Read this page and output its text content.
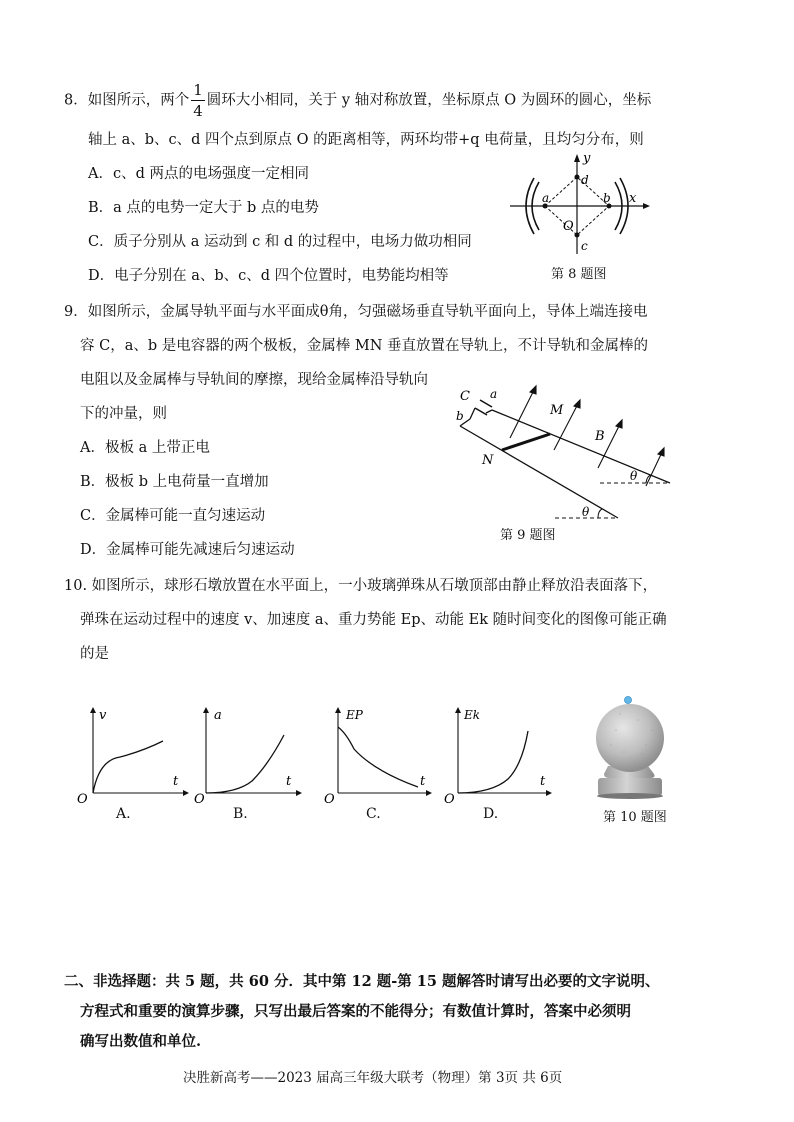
8．如图所示，两个 $\frac{1}{4}$ 圆环大小相同，关于 y 轴对称放置，坐标原点 O 为圆环的圆心，坐标
轴上 a、b、c、d 四个点到原点 O 的距离相等，两环均带+q 电荷量，且均匀分布，则
A．c、d 两点的电场强度一定相同
B．a 点的电势一定大于 b 点的电势
C．质子分别从 a 运动到 c 和 d 的过程中，电场力做功相同
D．电子分别在 a、b、c、d 四个位置时，电势能均相等
y
x
a	b
d
c
O
第 8 题图
9．如图所示，金属导轨平面与水平面成θ角，匀强磁场垂直导轨平面向上，导体上端连接电
容 C，a、b 是电容器的两个极板，金属棒 MN 垂直放置在导轨上，不计导轨和金属棒的
电阻以及金属棒与导轨间的摩擦，现给金属棒沿导轨向
下的冲量，则
A．极板 a 上带正电
B．极板 b 上电荷量一直增加
C．金属棒可能一直匀速运动
D．金属棒可能先减速后匀速运动
C a
b	M
N
B
θ
θ
第 9 题图
10. 如图所示，球形石墩放置在水平面上，一小玻璃弹珠从石墩顶部由静止释放沿表面落下，
弹珠在运动过程中的速度 v、加速度 a、重力势能 Ep、动能 Ek 随时间变化的图像可能正确
的是
v
t
O
A.
a
t
O
B.
EP
t
O
C.
Ek
t
O
D.	第 10 题图
二、非选择题：共 5 题，共 60 分．其中第 12 题-第 15 题解答时请写出必要的文字说明、
方程式和重要的演算步骤，只写出最后答案的不能得分；有数值计算时，答案中必须明
确写出数值和单位.
决胜新高考——2023 届高三年级大联考（物理）第 3页 共 6页
